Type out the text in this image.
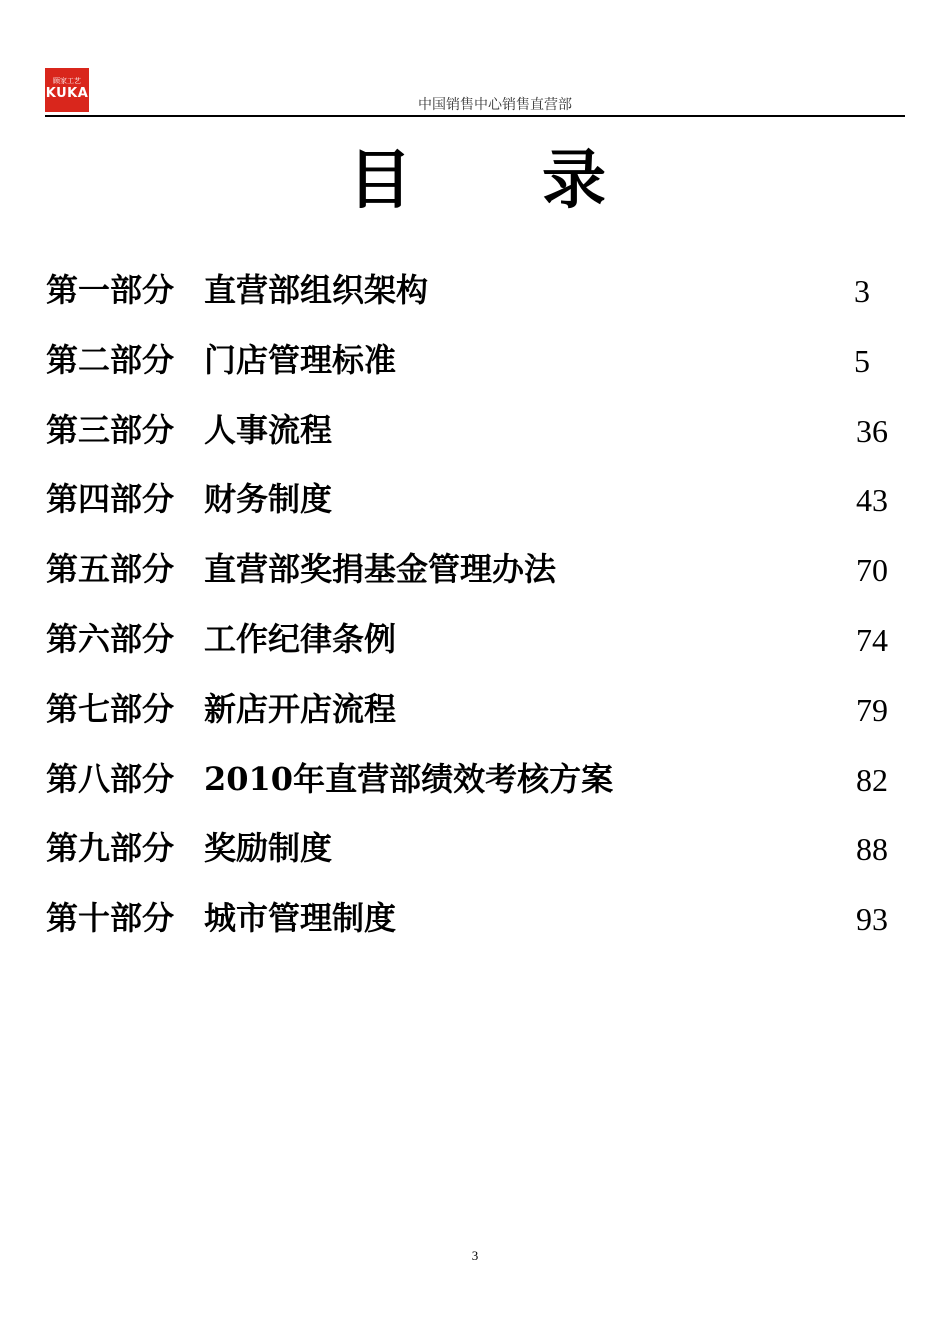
顾家工艺
KUKA
中国销售中心销售直营部
目 录
第一部分 直营部组织架构	3
第二部分 门店管理标准	5
第三部分 人事流程	36
第四部分 财务制度	43
第五部分 直营部奖捐基金管理办法	70
第六部分 工作纪律条例	74
第七部分 新店开店流程	79
第八部分 2010年直营部绩效考核方案	82
第九部分 奖励制度	88
第十部分 城市管理制度	93
3
